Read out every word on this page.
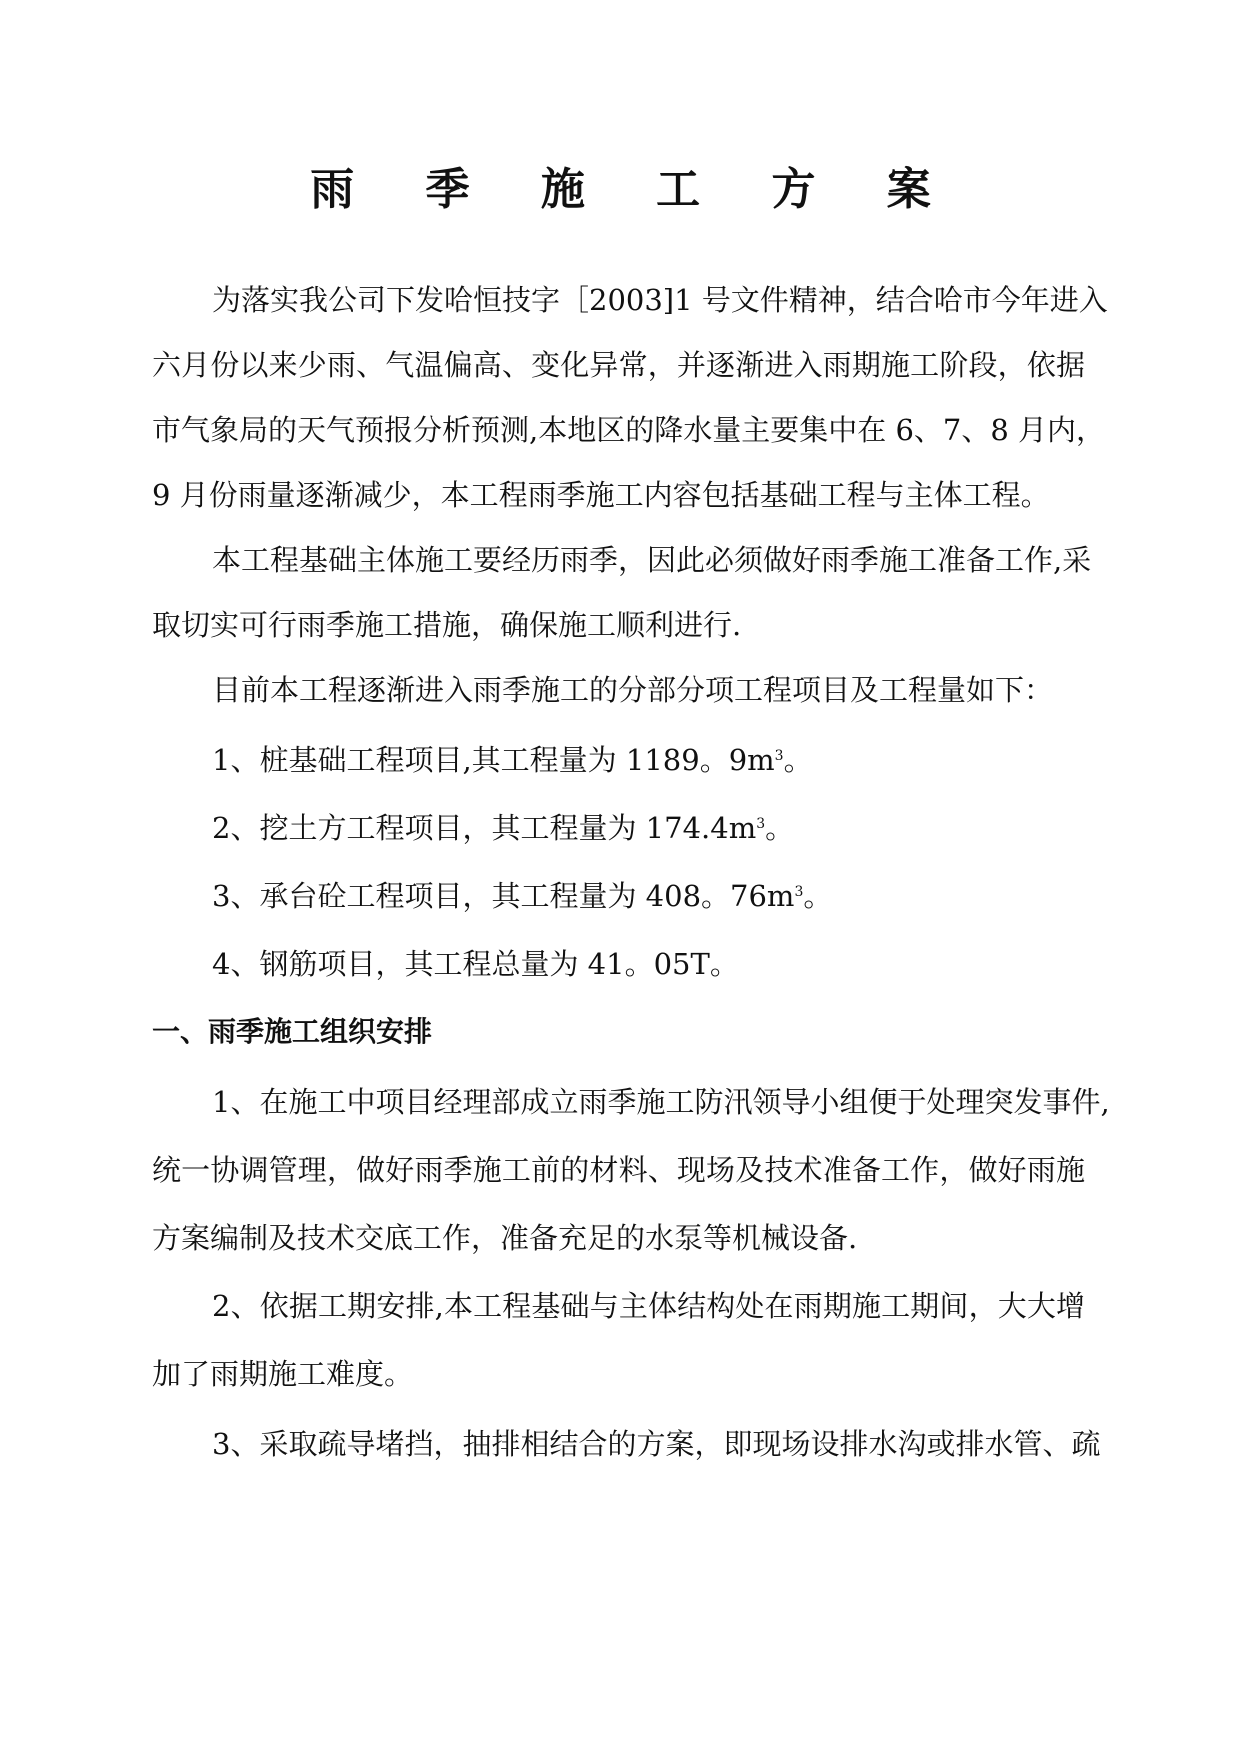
雨 季 施 工 方 案
为落实我公司下发哈恒技字［2003]1 号文件精神，结合哈市今年进入
六月份以来少雨、气温偏高、变化异常，并逐渐进入雨期施工阶段，依据
市气象局的天气预报分析预测,本地区的降水量主要集中在 6、7、8 月内，
9 月份雨量逐渐减少，本工程雨季施工内容包括基础工程与主体工程。
本工程基础主体施工要经历雨季，因此必须做好雨季施工准备工作,采
取切实可行雨季施工措施，确保施工顺利进行.
目前本工程逐渐进入雨季施工的分部分项工程项目及工程量如下：
1、桩基础工程项目,其工程量为 1189。$9m^3$。
2、挖土方工程项目，其工程量为 $174.4m^3$。
3、承台砼工程项目，其工程量为 408。$76m^3$。
4、钢筋项目，其工程总量为 41。05T。
一、雨季施工组织安排
1、在施工中项目经理部成立雨季施工防汛领导小组便于处理突发事件,
统一协调管理，做好雨季施工前的材料、现场及技术准备工作，做好雨施
方案编制及技术交底工作，准备充足的水泵等机械设备.
2、依据工期安排,本工程基础与主体结构处在雨期施工期间，大大增
加了雨期施工难度。
3、采取疏导堵挡，抽排相结合的方案，即现场设排水沟或排水管、疏
